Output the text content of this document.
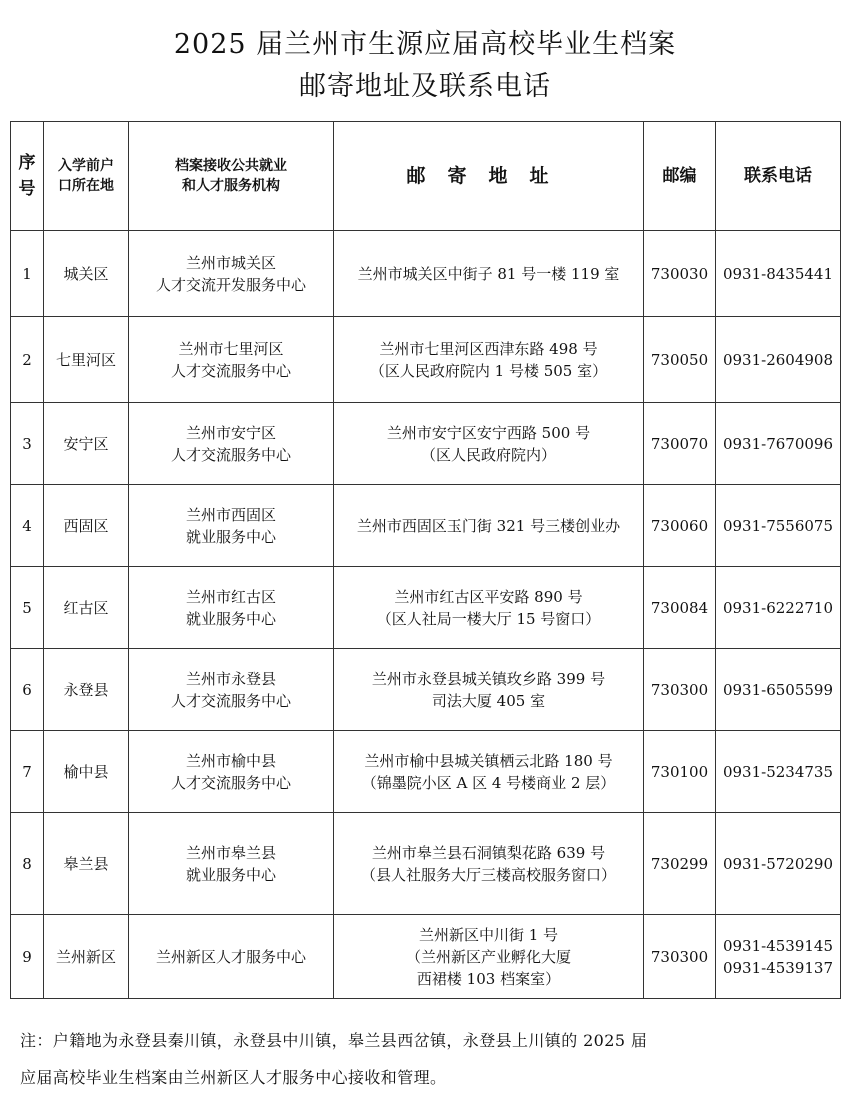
2025 届兰州市生源应届高校毕业生档案
邮寄地址及联系电话
序
号	入学前户
口所在地	档案接收公共就业
和人才服务机构	邮寄地址	邮编	联系电话
1	城关区	兰州市城关区
人才交流开发服务中心	兰州市城关区中街子 81 号一楼 119 室	730030	0931-8435441

2	七里河区	兰州市七里河区
人才交流服务中心	兰州市七里河区西津东路 498 号
（区人民政府院内 1 号楼 505 室）	730050	0931-2604908

3	安宁区	兰州市安宁区
人才交流服务中心	兰州市安宁区安宁西路 500 号
（区人民政府院内）	730070	0931-7670096

4	西固区	兰州市西固区
就业服务中心	兰州市西固区玉门街 321 号三楼创业办	730060	0931-7556075

5	红古区	兰州市红古区
就业服务中心	兰州市红古区平安路 890 号
（区人社局一楼大厅 15 号窗口）	730084	0931-6222710

6	永登县	兰州市永登县
人才交流服务中心	兰州市永登县城关镇玫乡路 399 号
司法大厦 405 室	730300	0931-6505599

7	榆中县	兰州市榆中县
人才交流服务中心	兰州市榆中县城关镇栖云北路 180 号
（锦墨院小区 A 区 4 号楼商业 2 层）	730100	0931-5234735

8	皋兰县	兰州市皋兰县
就业服务中心	兰州市皋兰县石洞镇梨花路 639 号
（县人社服务大厅三楼高校服务窗口）	730299	0931-5720290

9	兰州新区	兰州新区人才服务中心	兰州新区中川街 1 号
（兰州新区产业孵化大厦
西裙楼 103 档案室）	730300	0931-4539145
0931-4539137

注：户籍地为永登县秦川镇，永登县中川镇，皋兰县西岔镇，永登县上川镇的 2025 届

应届高校毕业生档案由兰州新区人才服务中心接收和管理。
